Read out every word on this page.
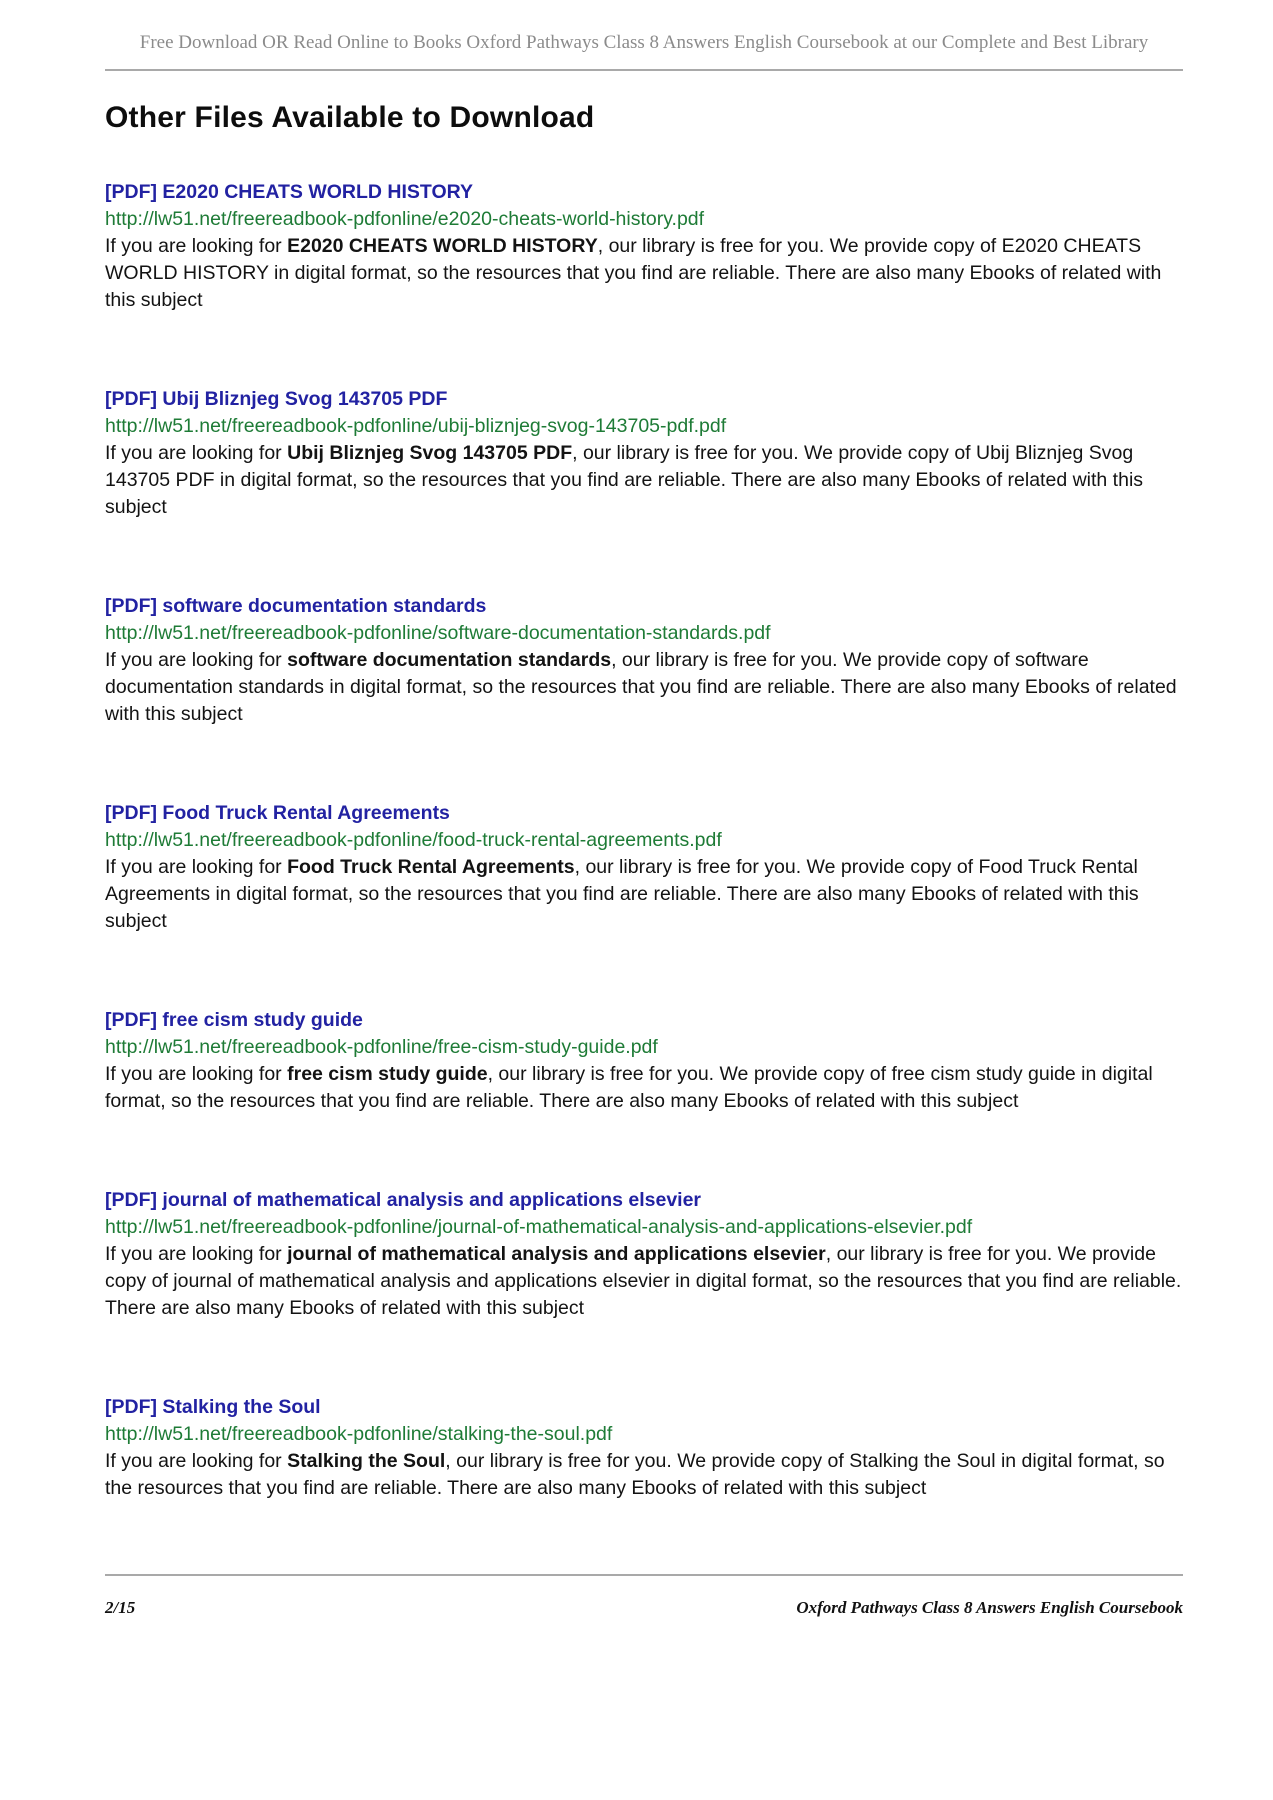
Free Download OR Read Online to Books Oxford Pathways Class 8 Answers English Coursebook at our Complete and Best Library
Other Files Available to Download
[PDF] E2020 CHEATS WORLD HISTORY
http://lw51.net/freereadbook-pdfonline/e2020-cheats-world-history.pdf

If you are looking for E2020 CHEATS WORLD HISTORY, our library is free for you. We provide copy of E2020 CHEATS WORLD HISTORY in digital format, so the resources that you find are reliable. There are also many Ebooks of related with this subject

[PDF] Ubij Bliznjeg Svog 143705 PDF
http://lw51.net/freereadbook-pdfonline/ubij-bliznjeg-svog-143705-pdf.pdf

If you are looking for Ubij Bliznjeg Svog 143705 PDF, our library is free for you. We provide copy of Ubij Bliznjeg Svog 143705 PDF in digital format, so the resources that you find are reliable. There are also many Ebooks of related with this subject

[PDF] software documentation standards
http://lw51.net/freereadbook-pdfonline/software-documentation-standards.pdf

If you are looking for software documentation standards, our library is free for you. We provide copy of software documentation standards in digital format, so the resources that you find are reliable. There are also many Ebooks of related with this subject

[PDF] Food Truck Rental Agreements
http://lw51.net/freereadbook-pdfonline/food-truck-rental-agreements.pdf

If you are looking for Food Truck Rental Agreements, our library is free for you. We provide copy of Food Truck Rental Agreements in digital format, so the resources that you find are reliable. There are also many Ebooks of related with this subject

[PDF] free cism study guide
http://lw51.net/freereadbook-pdfonline/free-cism-study-guide.pdf

If you are looking for free cism study guide, our library is free for you. We provide copy of free cism study guide in digital format, so the resources that you find are reliable. There are also many Ebooks of related with this subject

[PDF] journal of mathematical analysis and applications elsevier
http://lw51.net/freereadbook-pdfonline/journal-of-mathematical-analysis-and-applications-elsevier.pdf

If you are looking for journal of mathematical analysis and applications elsevier, our library is free for you. We provide copy of journal of mathematical analysis and applications elsevier in digital format, so the resources that you find are reliable. There are also many Ebooks of related with this subject

[PDF] Stalking the Soul
http://lw51.net/freereadbook-pdfonline/stalking-the-soul.pdf

If you are looking for Stalking the Soul, our library is free for you. We provide copy of Stalking the Soul in digital format, so the resources that you find are reliable. There are also many Ebooks of related with this subject

2/15	Oxford Pathways Class 8 Answers English Coursebook
